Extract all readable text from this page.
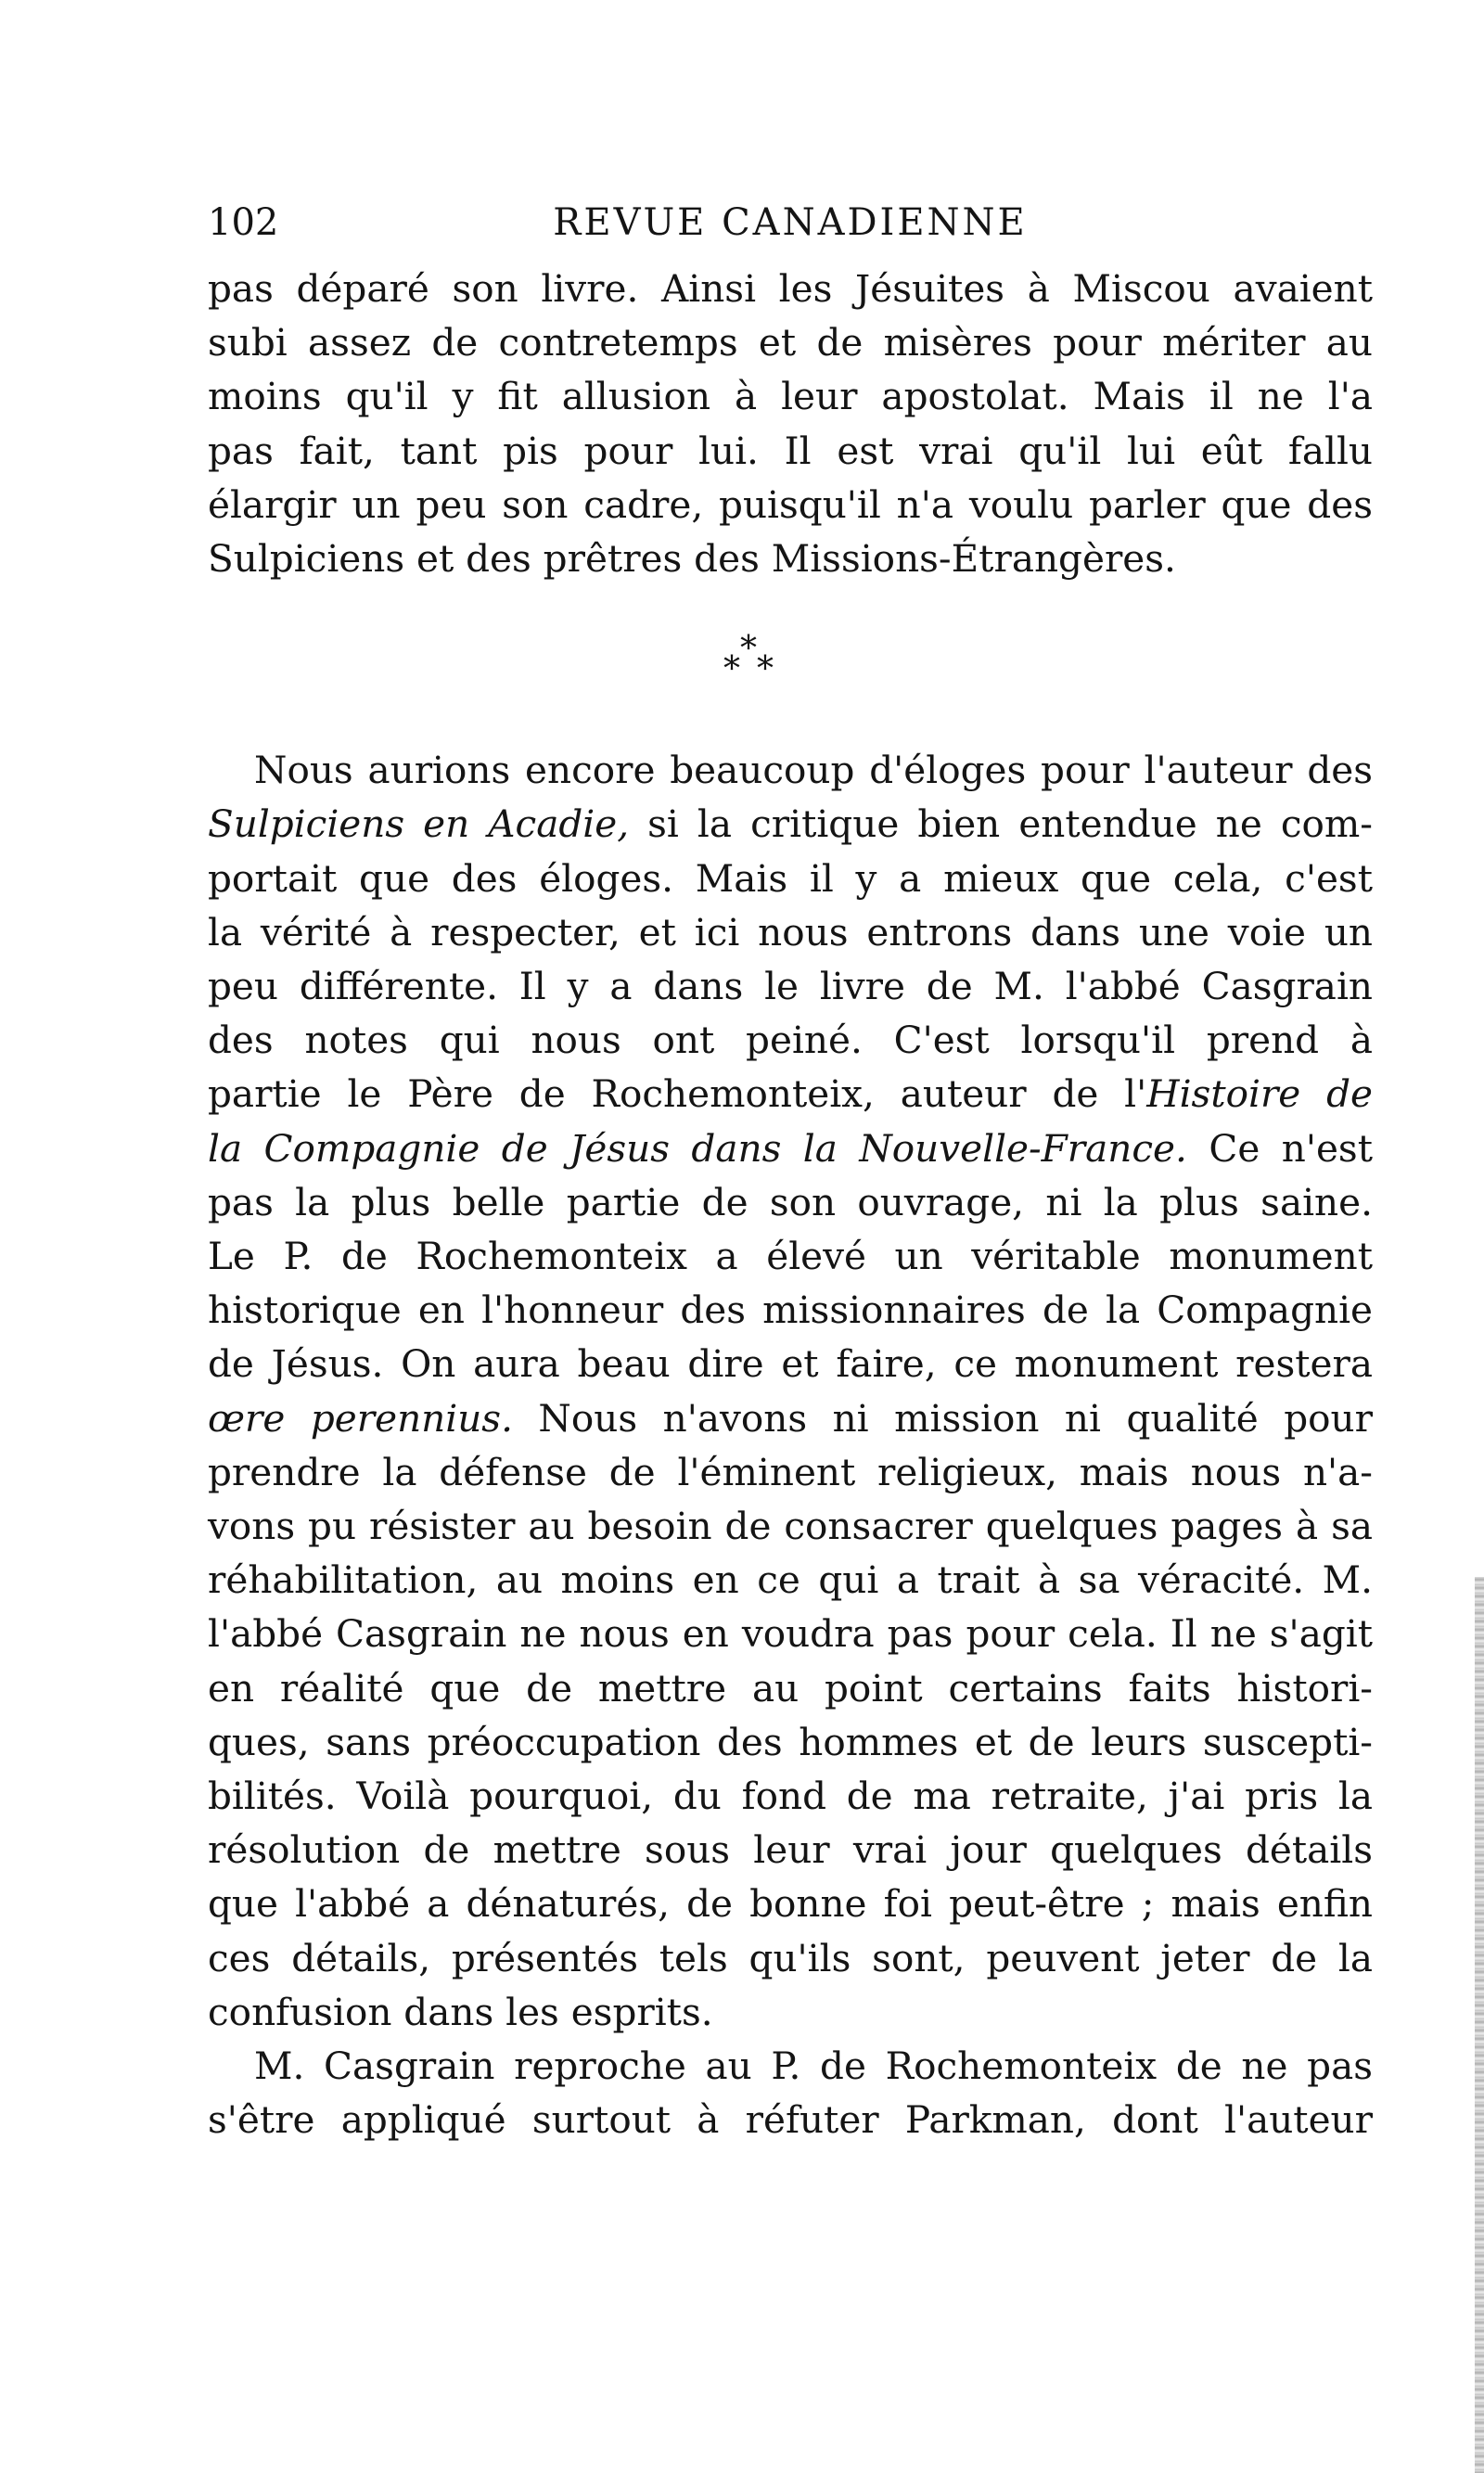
102	REVUE CANADIENNE

pas déparé son livre. Ainsi les Jésuites à Miscou avaient
subi assez de contretemps et de misères pour mériter au
moins qu'il y fit allusion à leur apostolat. Mais il ne l'a
pas fait, tant pis pour lui. Il est vrai qu'il lui eût fallu
élargir un peu son cadre, puisqu'il n'a voulu parler que des
Sulpiciens et des prêtres des Missions-Étrangères.

*
* *

Nous aurions encore beaucoup d'éloges pour l'auteur des
Sulpiciens en Acadie, si la critique bien entendue ne com-
portait que des éloges. Mais il y a mieux que cela, c'est
la vérité à respecter, et ici nous entrons dans une voie un
peu différente. Il y a dans le livre de M. l'abbé Casgrain
des notes qui nous ont peiné. C'est lorsqu'il prend à
partie le Père de Rochemonteix, auteur de l'Histoire de
la Compagnie de Jésus dans la Nouvelle-France. Ce n'est
pas la plus belle partie de son ouvrage, ni la plus saine.
Le P. de Rochemonteix a élevé un véritable monument
historique en l'honneur des missionnaires de la Compagnie
de Jésus. On aura beau dire et faire, ce monument restera
œre perennius. Nous n'avons ni mission ni qualité pour
prendre la défense de l'éminent religieux, mais nous n'a-
vons pu résister au besoin de consacrer quelques pages à sa
réhabilitation, au moins en ce qui a trait à sa véracité. M.
l'abbé Casgrain ne nous en voudra pas pour cela. Il ne s'agit
en réalité que de mettre au point certains faits histori-
ques, sans préoccupation des hommes et de leurs suscepti-
bilités. Voilà pourquoi, du fond de ma retraite, j'ai pris la
résolution de mettre sous leur vrai jour quelques détails
que l'abbé a dénaturés, de bonne foi peut-être ; mais enfin
ces détails, présentés tels qu'ils sont, peuvent jeter de la
confusion dans les esprits.

M. Casgrain reproche au P. de Rochemonteix de ne pas
s'être appliqué surtout à réfuter Parkman, dont l'auteur
